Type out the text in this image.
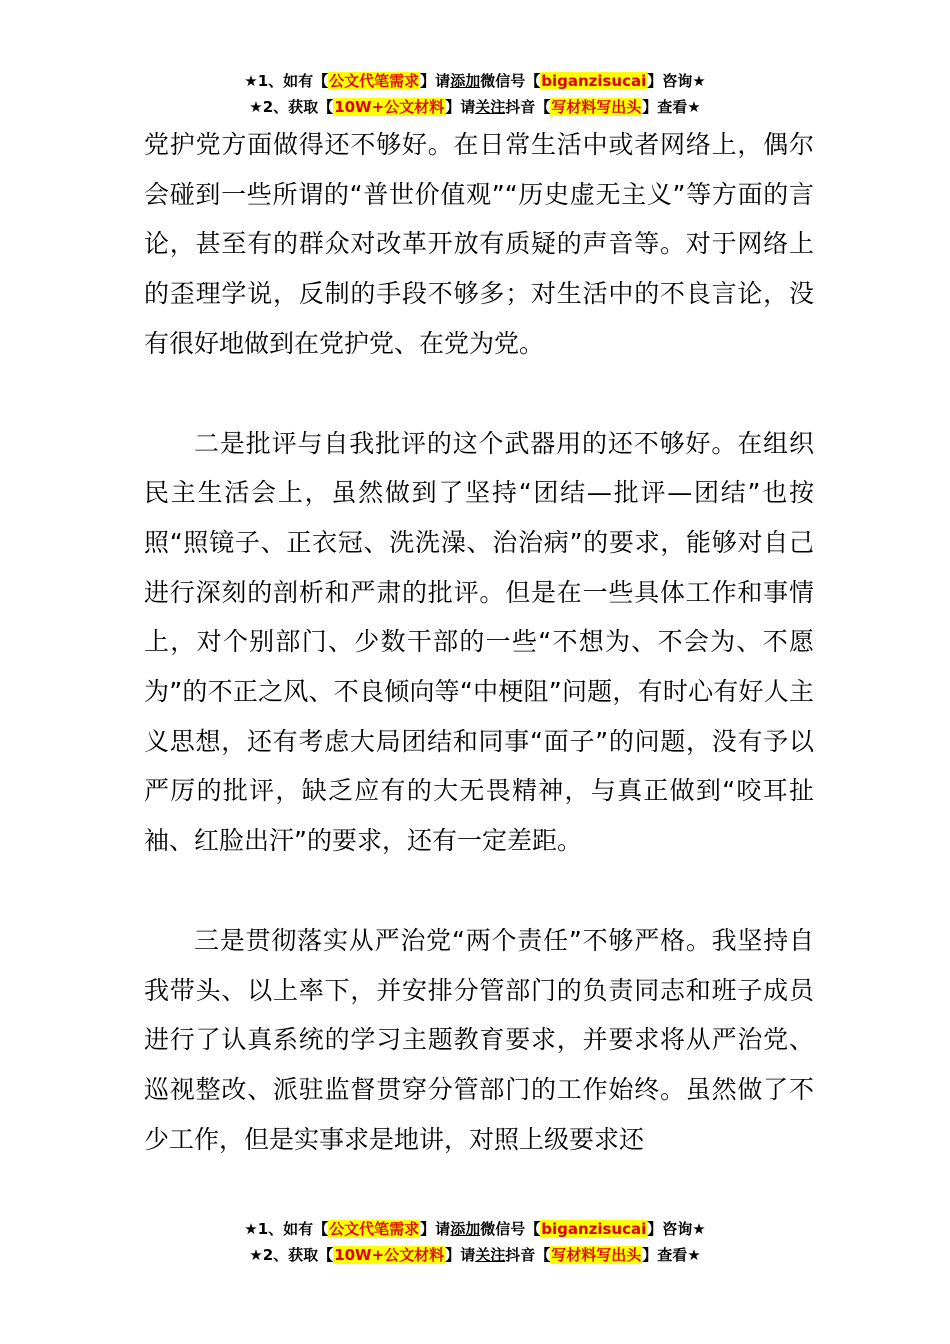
★1、如有【公文代笔需求】请添加微信号【biganzisucai】咨询★
★2、获取【10W+公文材料】请关注抖音【写材料写出头】查看★

党护党方面做得还不够好。在日常生活中或者网络上，偶尔会碰到一些所谓的“普世价值观”“历史虚无主义”等方面的言论，甚至有的群众对改革开放有质疑的声音等。对于网络上的歪理学说，反制的手段不够多；对生活中的不良言论，没有很好地做到在党护党、在党为党。

二是批评与自我批评的这个武器用的还不够好。在组织民主生活会上，虽然做到了坚持“团结—批评—团结”也按照“照镜子、正衣冠、洗洗澡、治治病”的要求，能够对自己进行深刻的剖析和严肃的批评。但是在一些具体工作和事情上，对个别部门、少数干部的一些“不想为、不会为、不愿为”的不正之风、不良倾向等“中梗阻”问题，有时心有好人主义思想，还有考虑大局团结和同事“面子”的问题，没有予以严厉的批评，缺乏应有的大无畏精神，与真正做到“咬耳扯袖、红脸出汗”的要求，还有一定差距。

三是贯彻落实从严治党“两个责任”不够严格。我坚持自我带头、以上率下，并安排分管部门的负责同志和班子成员进行了认真系统的学习主题教育要求，并要求将从严治党、巡视整改、派驻监督贯穿分管部门的工作始终。虽然做了不少工作，但是实事求是地讲，对照上级要求还

★1、如有【公文代笔需求】请添加微信号【biganzisucai】咨询★
★2、获取【10W+公文材料】请关注抖音【写材料写出头】查看★
